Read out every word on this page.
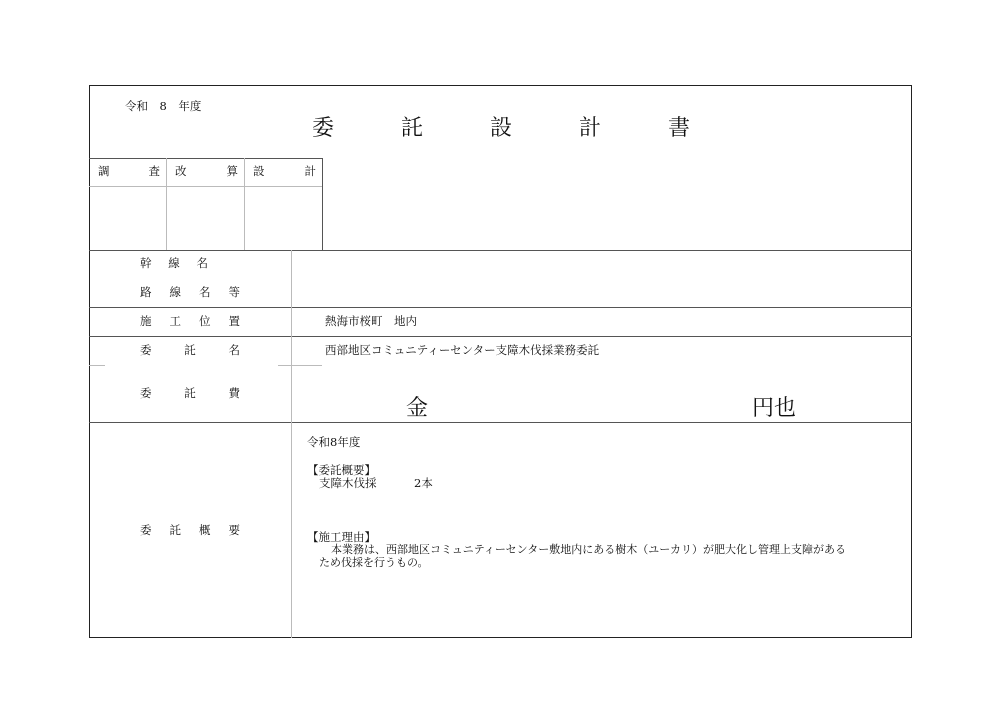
令和　8　年度
委	託	設	計	書
調	査 改	算 設	計
幹 線 名
路 線 名 等
施 工 位 置	熱海市桜町　地内
委	託	名	西部地区コミュニティーセンター支障木伐採業務委託
委	託	費
金	円也
委 託 概 要
令和8年度
【委託概要】
支障木伐採	2本
【施工理由】
本業務は、西部地区コミュニティーセンター敷地内にある樹木（ユーカリ）が肥大化し管理上支障がある
ため伐採を行うもの。
